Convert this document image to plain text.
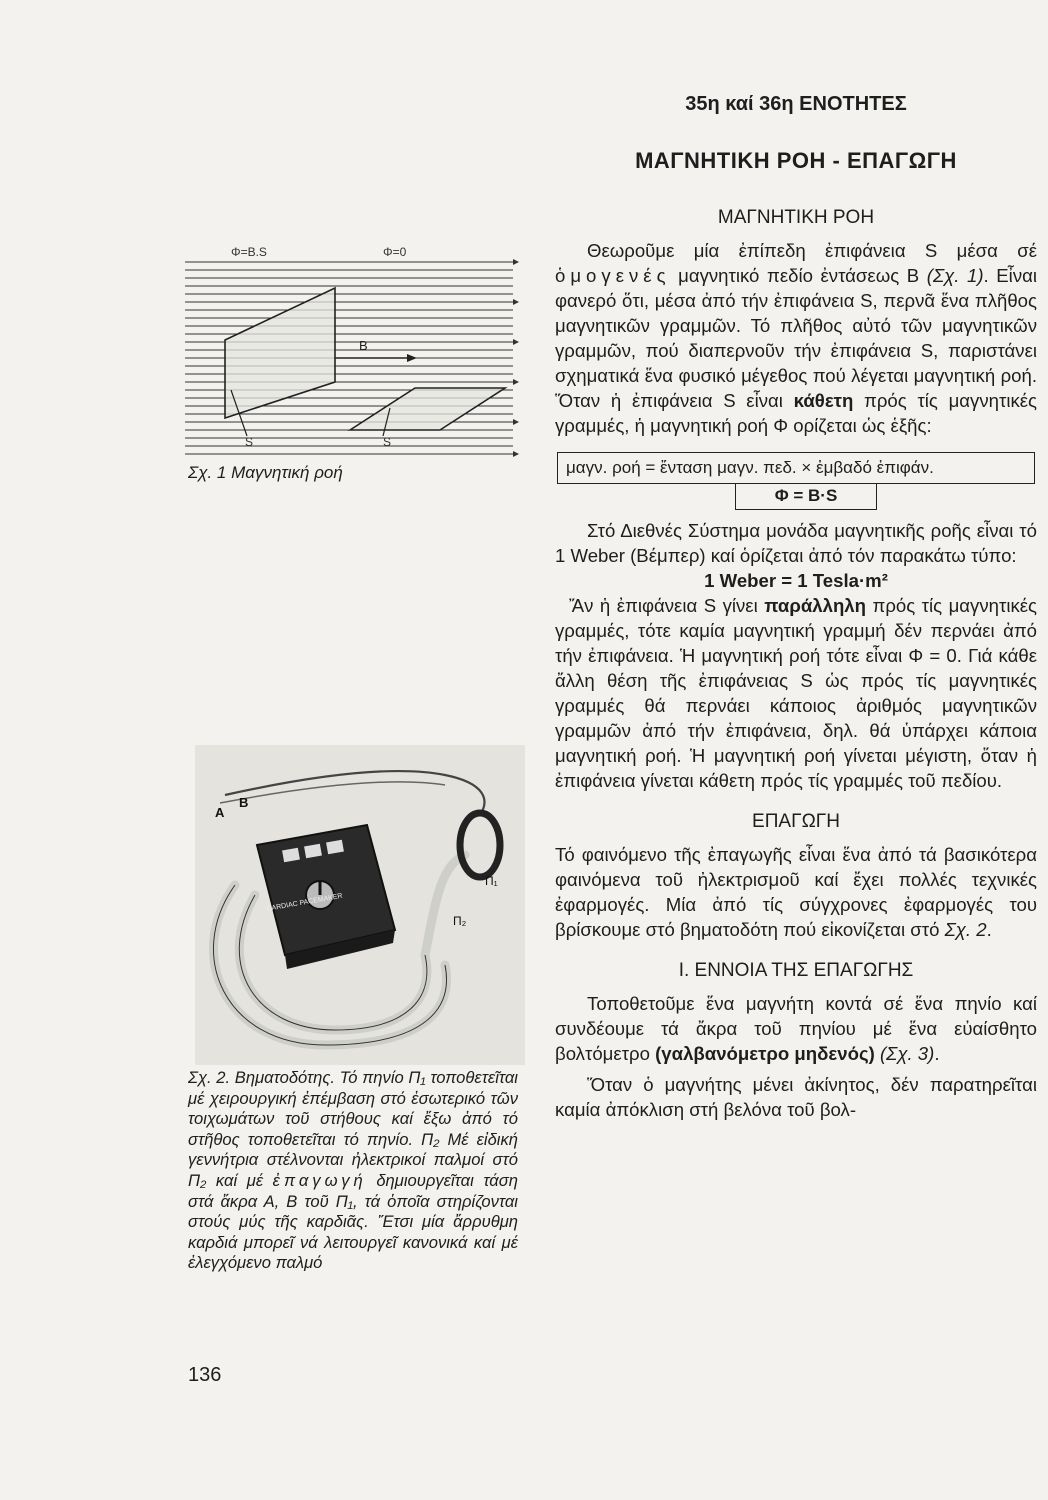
35η καί 36η ΕΝΟΤΗΤΕΣ
ΜΑΓΝΗΤΙΚΗ ΡΟΗ - ΕΠΑΓΩΓΗ
ΜΑΓΝΗΤΙΚΗ ΡΟΗ

Θεωροῦμε μία ἐπίπεδη ἐπιφάνεια S μέσα σέ ὁμογενές μαγνητικό πεδίο ἐντάσεως B (Σχ. 1). Εἶναι φανερό ὅτι, μέσα ἀπό τήν ἐπιφάνεια S, περνᾶ ἕνα πλῆθος μαγνητικῶν γραμμῶν. Τό πλῆθος αὐτό τῶν μαγνητικῶν γραμμῶν, πού διαπερνοῦν τήν ἐπιφάνεια S, παριστάνει σχηματικά ἕνα φυσικό μέγεθος πού λέγεται μαγνητική ροή. Ὅταν ἡ ἐπιφάνεια S εἶναι κάθετη πρός τίς μαγνητικές γραμμές, ἡ μαγνητική ροή Φ ορίζεται ὡς ἑξῆς:

μαγν. ροή = ἔνταση μαγν. πεδ. × ἐμβαδό ἐπιφάν.
Φ = B·S

Στό Διεθνές Σύστημα μονάδα μαγνητικῆς ροῆς εἶναι τό 1 Weber (Βέμπερ) καί ὁρίζεται ἀπό τόν παρακάτω τύπο:

1 Weber = 1 Tesla·m²

Ἄν ἡ ἐπιφάνεια S γίνει παράλληλη πρός τίς μαγνητικές γραμμές, τότε καμία μαγνητική γραμμή δέν περνάει ἀπό τήν ἐπιφάνεια. Ἡ μαγνητική ροή τότε εἶναι Φ = 0. Γιά κάθε ἄλλη θέση τῆς ἐπιφάνειας S ὡς πρός τίς μαγνητικές γραμμές θά περνάει κάποιος ἀριθμός μαγνητικῶν γραμμῶν ἀπό τήν ἐπιφάνεια, δηλ. θά ὑπάρχει κάποια μαγνητική ροή. Ἡ μαγνητική ροή γίνεται μέγιστη, ὅταν ἡ ἐπιφάνεια γίνεται κάθετη πρός τίς γραμμές τοῦ πεδίου.

ΕΠΑΓΩΓΗ

Τό φαινόμενο τῆς ἐπαγωγῆς εἶναι ἕνα ἀπό τά βασικότερα φαινόμενα τοῦ ἠλεκτρισμοῦ καί ἔχει πολλές τεχνικές ἐφαρμογές. Μία ἀπό τίς σύγχρονες ἐφαρμογές του βρίσκουμε στό βηματοδότη πού εἰκονίζεται στό Σχ. 2.

Ι. ΕΝΝΟΙΑ ΤΗΣ ΕΠΑΓΩΓΗΣ

Τοποθετοῦμε ἕνα μαγνήτη κοντά σέ ἕνα πηνίο καί συνδέουμε τά ἄκρα τοῦ πηνίου μέ ἕνα εὐαίσθητο βολτόμετρο (γαλβανόμετρο μηδενός) (Σχ. 3).

Ὅταν ὁ μαγνήτης μένει ἀκίνητος, δέν παρατηρεῖται καμία ἀπόκλιση στή βελόνα τοῦ βολ-

Φ=B.S	Φ=0
B
S	S
Σχ. 1 Μαγνητική ροή
CARDIAC PACEMAKER
A
B
Π₁
Π₂
Σχ. 2. Βηματοδότης. Τό πηνίο Π₁ τοποθετεῖται μέ χειρουργική ἐπέμβαση στό ἐσωτερικό τῶν τοιχωμάτων τοῦ στήθους καί ἔξω ἀπό τό στῆθος τοποθετεῖται τό πηνίο. Π₂ Μέ εἰδική γεννήτρια στέλνονται ἠλεκτρικοί παλμοί στό Π₂ καί μέ ἐπαγωγή δημιουργεῖται τάση στά ἄκρα Α, Β τοῦ Π₁, τά ὁποῖα στηρίζονται στούς μύς τῆς καρδιᾶς. Ἔτσι μία ἄρρυθμη καρδιά μπορεῖ νά λειτουργεῖ κανονικά καί μέ ἐλεγχόμενο παλμό
136
